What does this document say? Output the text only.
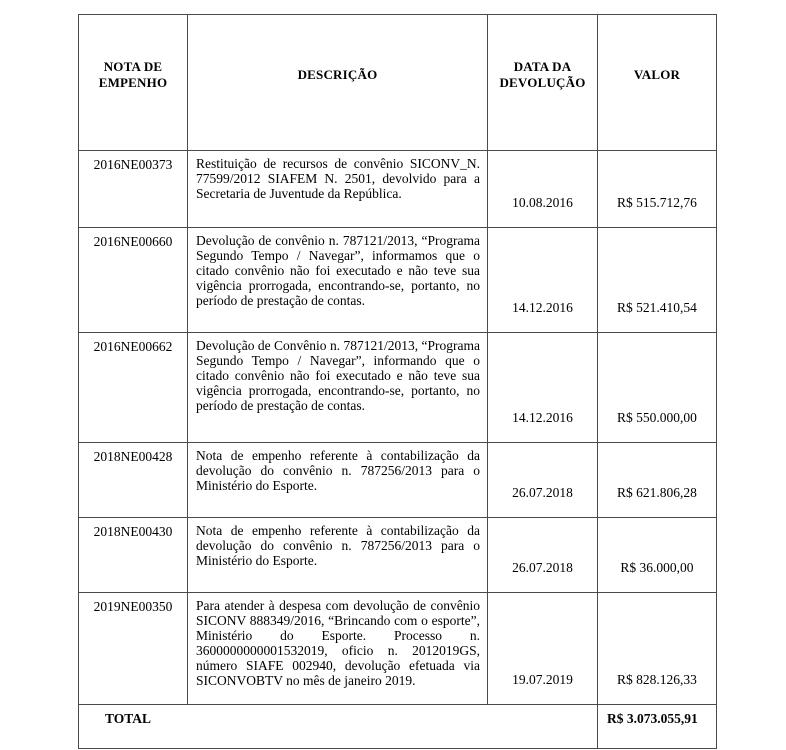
NOTA DE EMPENHO	DESCRIÇÃO	DATA DA DEVOLUÇÃO	VALOR
2016NE00373	Restituição de recursos de convênio SICONV_N. 77599/2012 SIAFEM N. 2501, devolvido para a Secretaria de Juventude da República.	10.08.2016	R$ 515.712,76
2016NE00660	Devolução de convênio n. 787121/2013, “Programa Segundo Tempo / Navegar”, informamos que o citado convênio não foi executado e não teve sua vigência prorrogada, encontrando-se, portanto, no período de prestação de contas.	14.12.2016	R$ 521.410,54
2016NE00662	Devolução de Convênio n. 787121/2013, “Programa Segundo Tempo / Navegar”, informando que o citado convênio não foi executado e não teve sua vigência prorrogada, encontrando-se, portanto, no período de prestação de contas.	14.12.2016	R$ 550.000,00
2018NE00428	Nota de empenho referente à contabilização da devolução do convênio n. 787256/2013 para o Ministério do Esporte.	26.07.2018	R$ 621.806,28
2018NE00430	Nota de empenho referente à contabilização da devolução do convênio n. 787256/2013 para o Ministério do Esporte.	26.07.2018	R$ 36.000,00
2019NE00350	Para atender à despesa com devolução de convênio SICONV 888349/2016, “Brincando com o esporte”, Ministério do Esporte. Processo n. 3600000000001532019, oficio n. 2012019GS, número SIAFE 002940, devolução efetuada via SICONVOBTV no mês de janeiro 2019.	19.07.2019	R$ 828.126,33
TOTAL			R$ 3.073.055,91
